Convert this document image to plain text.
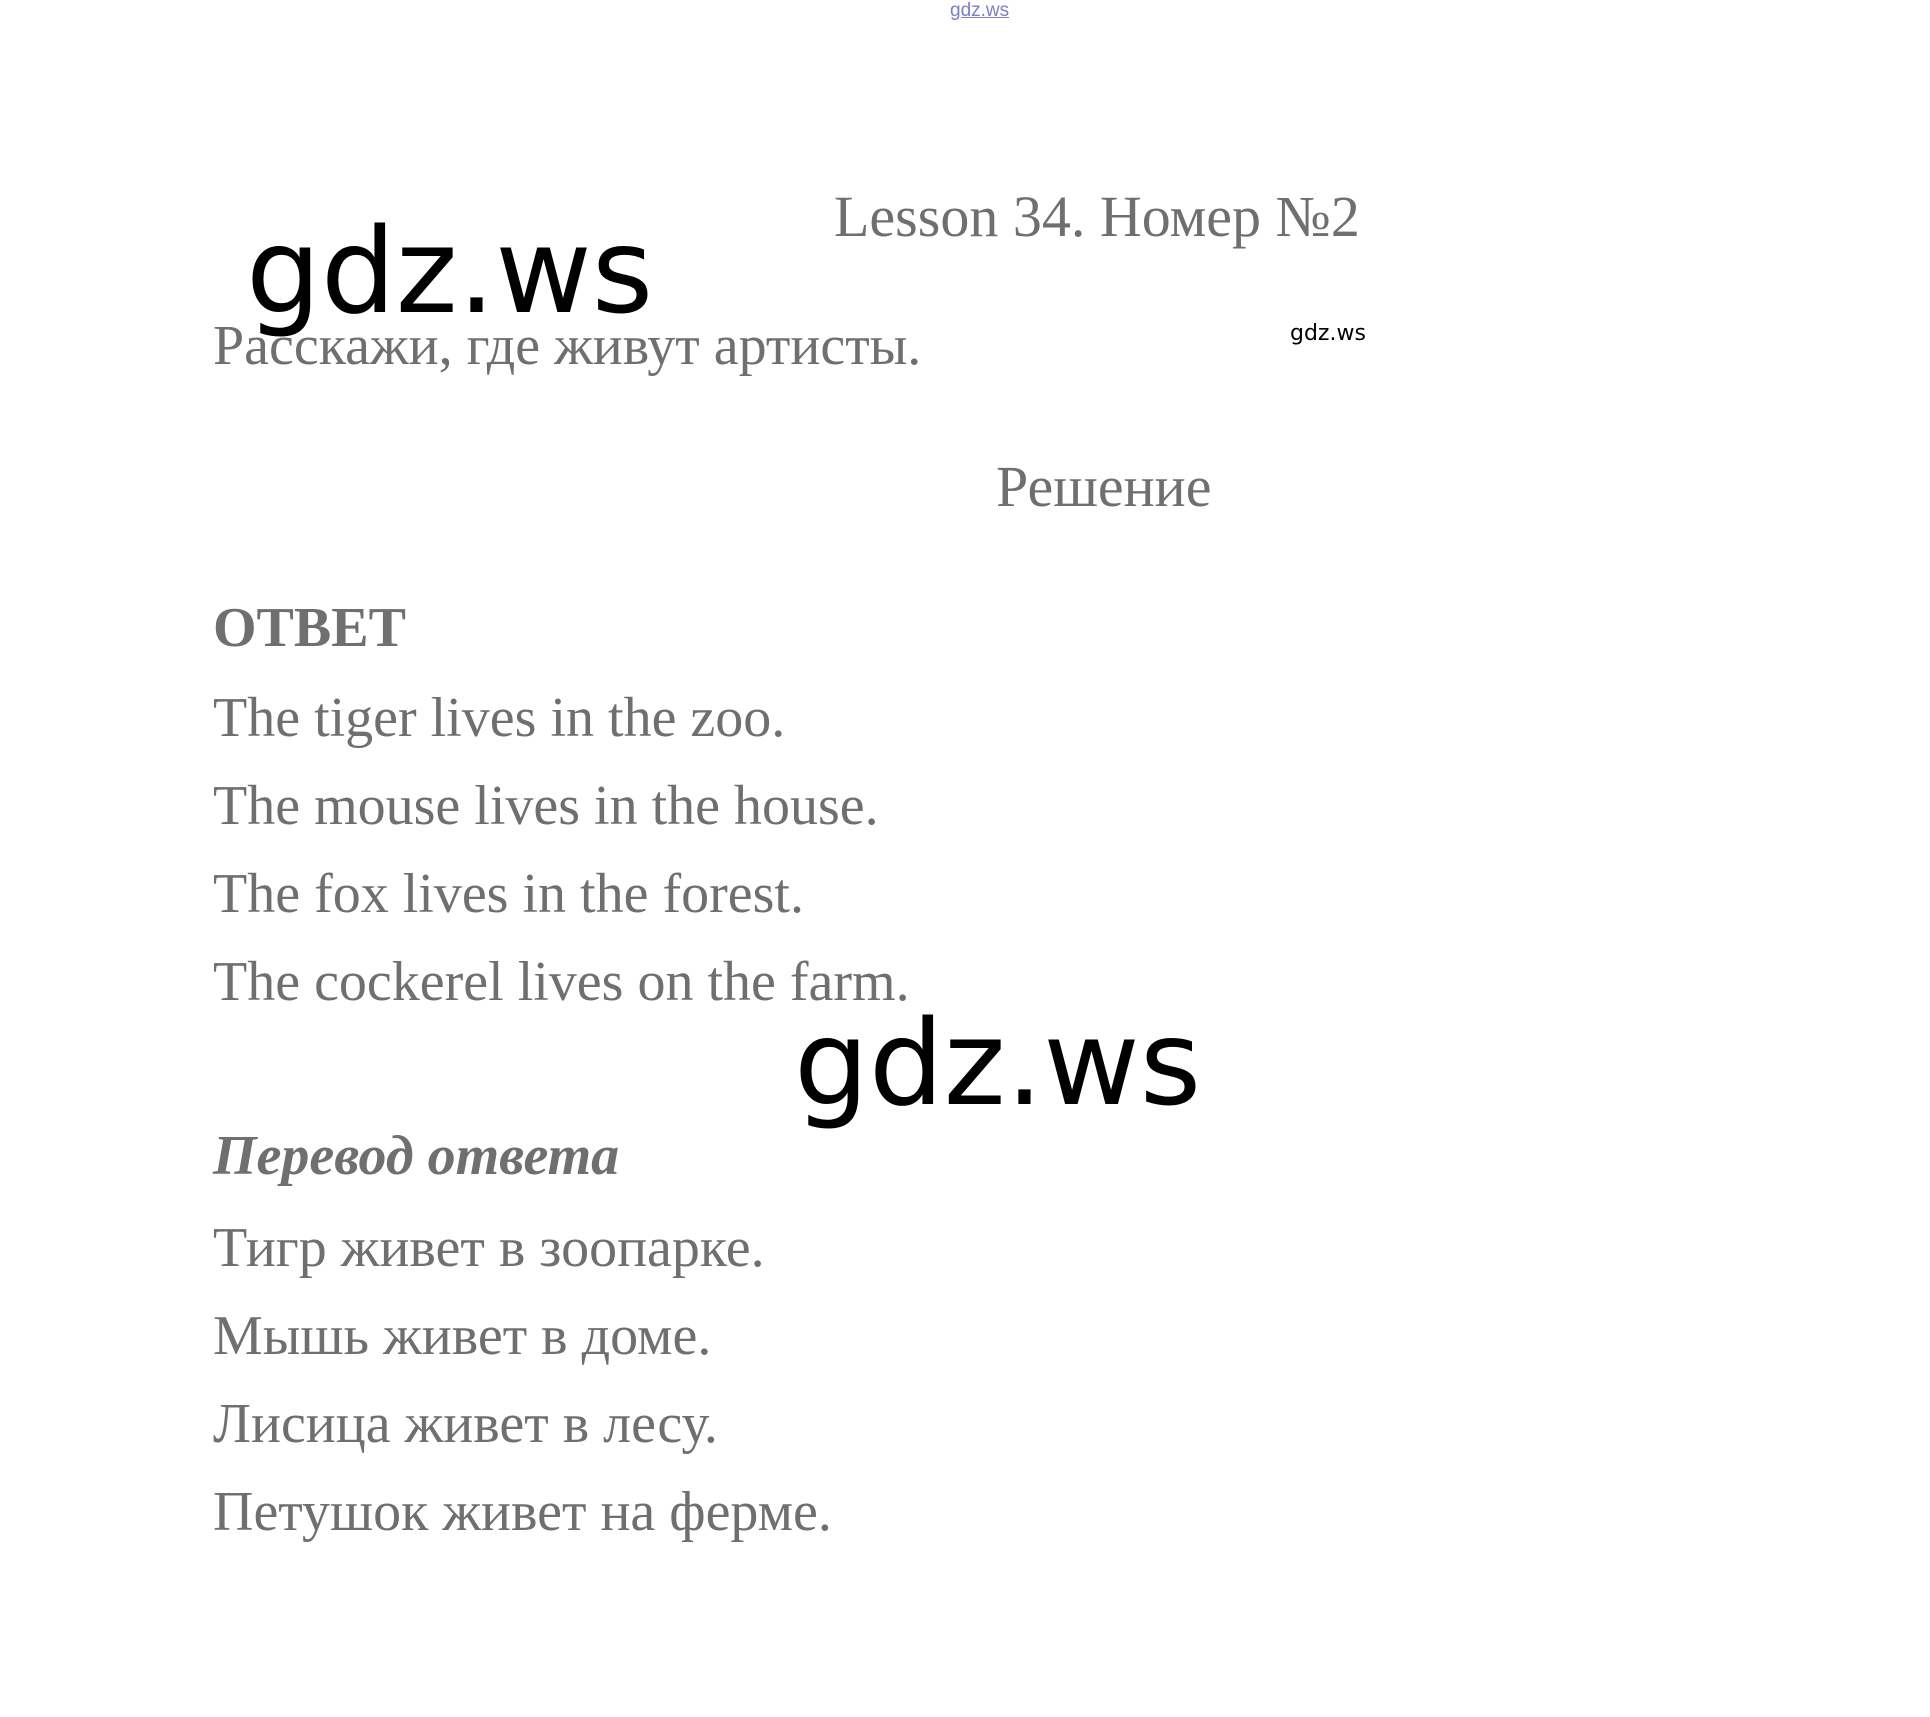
gdz.ws
gdz.ws	Lesson 34. Номер №2
gdz.ws
Расскажи, где живут артисты.
Решение
ОТВЕТ
The tiger lives in the zoo.
The mouse lives in the house.
The fox lives in the forest.
The cockerel lives on the farm.
gdz.ws
Перевод ответа
Тигр живет в зоопарке.
Мышь живет в доме.
Лисица живет в лесу.
Петушок живет на ферме.
